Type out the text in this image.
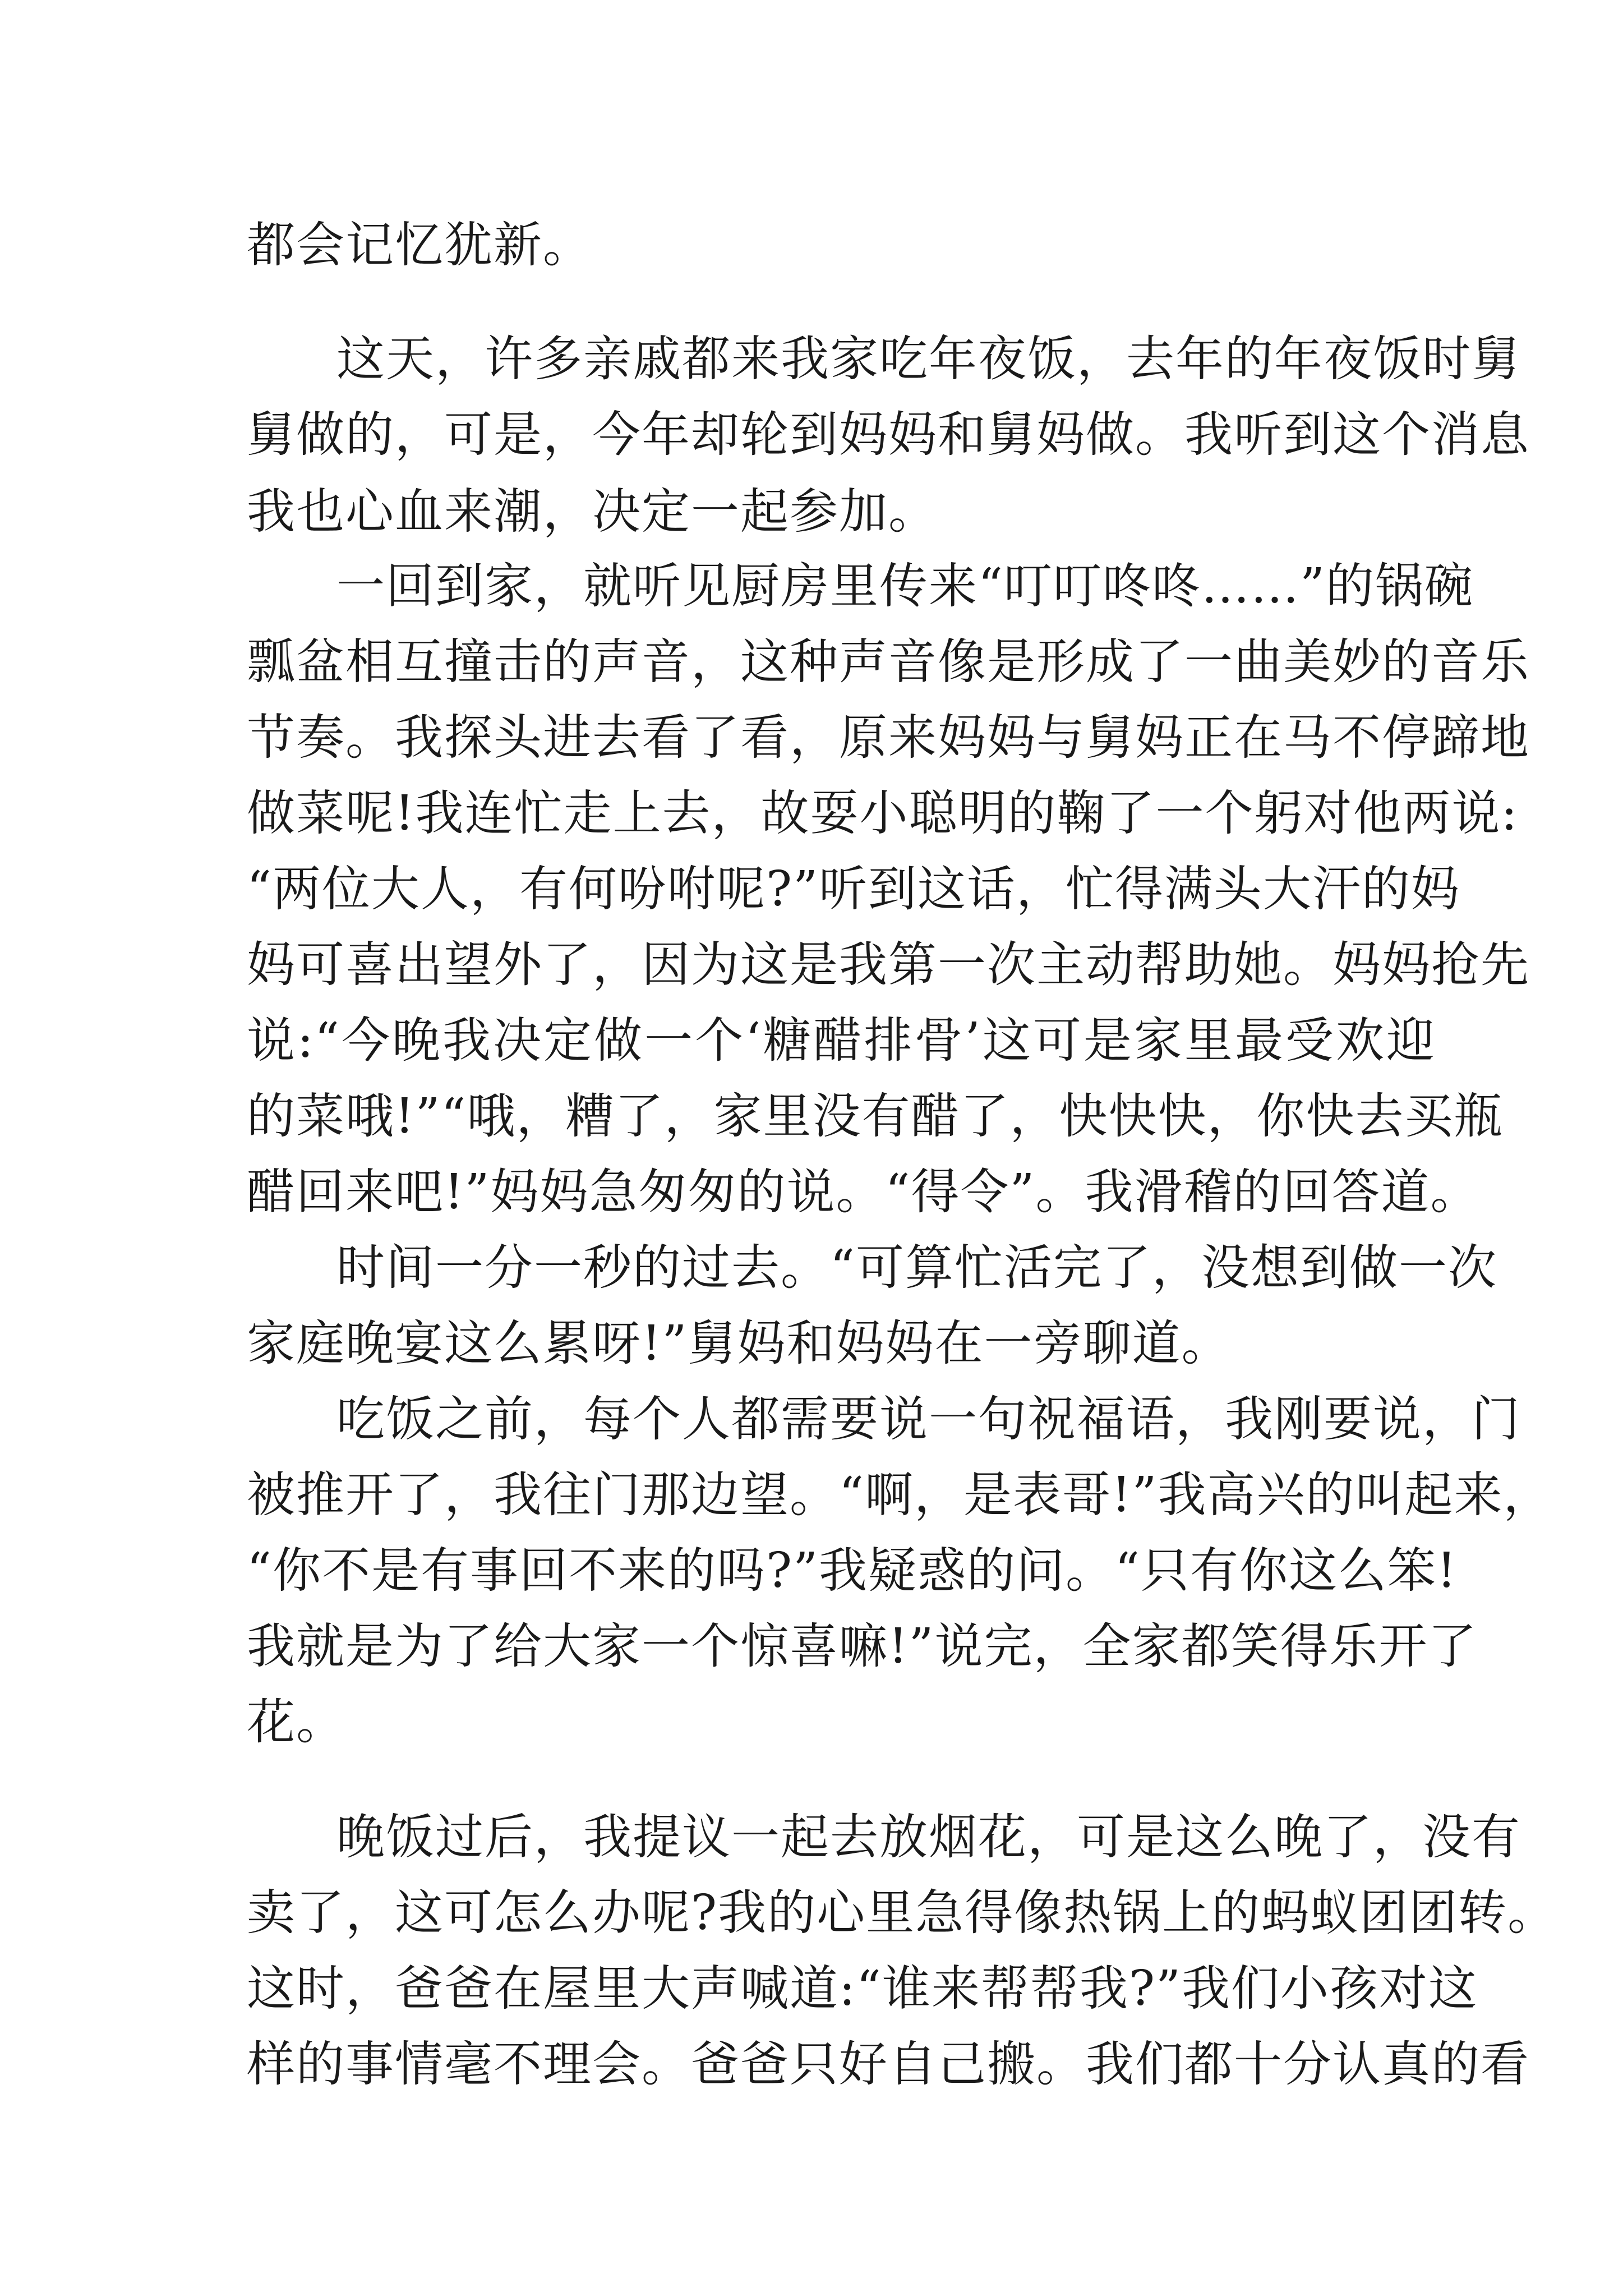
都会记忆犹新。
这天，许多亲戚都来我家吃年夜饭，去年的年夜饭时舅
舅做的，可是，今年却轮到妈妈和舅妈做。我听到这个消息
我也心血来潮，决定一起参加。
一回到家，就听见厨房里传来“叮叮咚咚……”的锅碗
瓢盆相互撞击的声音，这种声音像是形成了一曲美妙的音乐
节奏。我探头进去看了看，原来妈妈与舅妈正在马不停蹄地
做菜呢!我连忙走上去，故耍小聪明的鞠了一个躬对他两说:
“两位大人，有何吩咐呢?”听到这话，忙得满头大汗的妈
妈可喜出望外了，因为这是我第一次主动帮助她。妈妈抢先
说:“今晚我决定做一个‘糖醋排骨’这可是家里最受欢迎
的菜哦!”“哦，糟了，家里没有醋了，快快快，你快去买瓶
醋回来吧!”妈妈急匆匆的说。“得令”。我滑稽的回答道。
时间一分一秒的过去。“可算忙活完了，没想到做一次
家庭晚宴这么累呀!”舅妈和妈妈在一旁聊道。
吃饭之前，每个人都需要说一句祝福语，我刚要说，门
被推开了，我往门那边望。“啊，是表哥!”我高兴的叫起来，
“你不是有事回不来的吗?”我疑惑的问。“只有你这么笨!
我就是为了给大家一个惊喜嘛!”说完，全家都笑得乐开了
花。
晚饭过后，我提议一起去放烟花，可是这么晚了，没有
卖了，这可怎么办呢?我的心里急得像热锅上的蚂蚁团团转。
这时，爸爸在屋里大声喊道:“谁来帮帮我?”我们小孩对这
样的事情毫不理会。爸爸只好自己搬。我们都十分认真的看
